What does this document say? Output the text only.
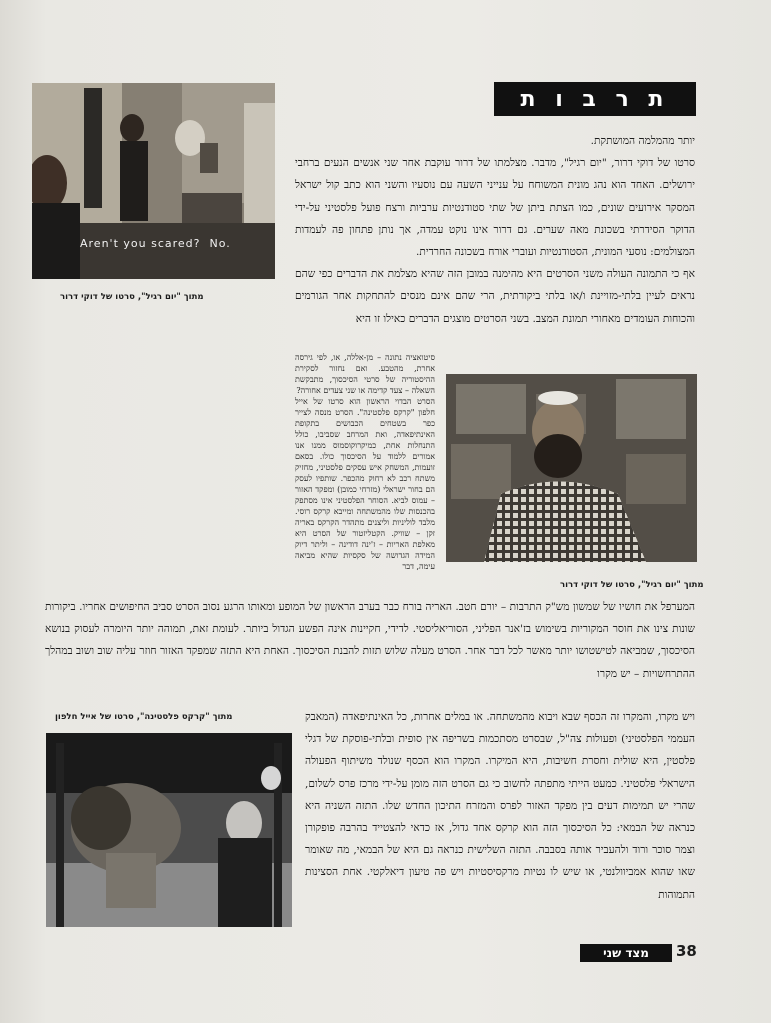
ת ר ב ו ת
Aren't you scared?  No.
מתוך "יום רגיל", סרטו של דוקי דרור
מתוך "יום רגיל", סרטו של דוקי דרור
מתוך "קרקס פלסטינה", סרטו של אייל חלפון

יותר מהמלמה המושתקת.

סרטו של דוקי דרור, "יום רגיל", מדבר. מצלמתו של דרור עוקבת אחר שני אנשים הנעים ברחבי ירושלים. האחד הוא נהג מונית המשוחח על ענייני השעה עם נוסעיו והשני הוא כתב קול ישראל המסקר אירועים שונים, כמו הצתת ביתן של שתי סטודנטיות ערביות ורצח פועל פלסטיני על-ידי הדוקר הסידרתי בשכונת מאה שערים. גם דרור אינו נוקט עמדה, אך נותן פתחון פה לעמדות המצולמים: נוסעי המונית, הסטודנטיות ועוברי אורח בשכונה החרדית.

אף כי התמונה העולה משני הסרטים היא מהימנה במובן הזה שהיא מצלמת את הדברים כפי שהם נראים לעיין בלתי-מזויינת ו/או בלתי ביקורתית, הרי שהם אינם מנסים להתחקות אחר הגורמים והכוחות העומדים מאחורי תמונת המצב. בשני הסרטים מוצגים הדברים כאילו זו היא

סיטואציה נתונה – מן-אללה, או, לפי גירסה אחרת, מהטבע. ואם נחזור לסקירת ההיסטוריה של סרטי הסיכסוך, מתבקשת השאלה – צעד קדימה או שני צעדים אחורה?

הסרט הבדוי הראשון הוא סרטו של אייל חלפון "קרקס פלסטינה". הסרט מנסה לצייר כפר בשטחים הכבושים בתקופת האינתיפאדה, ואת המרחב שסביבו, כולל התנחלות אחת, כמיקרוקוסמוס ממנו אנו אמורים ללמוד על הסיכסוך כולו. בסאם זועמות, המשחק איש עסקים פלסטיני, מחזיק משתח רכב לא רחוק מהכפר. שותפיו לעסק הם בחור ישראלי (מזרחי כמובן) ומפקד האזור – עמוס לביא. הסוחר הפלסטיני אינו מסתפק בהכנסות שלו מהמשתחה ומייבא קרקס רוסי. מלבד לוליניות וליצנים מתהדר הקרקס באריה זקן – שוויק. הקטליזטור של הסרט היא מאלפת האריות – ז'ינה דודינה – וליתר דיוק המידה הגדושה של סקסיות שהיא מביאה עימה, דבר

המערפל את חושיו של שמשון מש"ק התרבות – יורם חטב. האריה בורח כבר בערב הראשון של המופע ומאותו הרגע נסוב הסרט סביב החיפושים אחריו. ביקורות שונות צינו את חוסר המקוריות בשימוש בז'אנר הפליני, הסוריאליסטי. לדידי, חקיינות אינה הפשע הגדול ביותר. לעומת זאת, תמוהה יותר היומרה לעסוק בנושא הסיכסוך, שמביאה לטישטושו יותר מאשר לכל דבר אחר. הסרט מעלה שלוש תזות להבנת הסיכסוך. האחת היא התזה שמפקד האזור חוזר עליה שוב ושוב במהלך ההתרחשויות – יש מקרו

ויש מקרו, והמקרו זה הכסף שבא ויבוא מהמשתחה. או במלים אחרות, כל האינתיפאדה (המאבק העממי הפלסטיני) ופעולות צה"ל, שבסרט מסתכמות בשריפה אין סופית ובלתי-פוסקת של דגלי פלסטין, היא שולית וחסרת חשיבות, היא המיקרו. המקרו הוא הכסף שנולד משיתוף הפעולה הישראלי פלסטיני. כמעט הייתי מתפתה לחשוב כי גם הסרט הזה מומן על-ידי מרכז פרס לשלום, שהרי יש תמימות דעים בין מפקד האזור לפרס והמזרח התיכון החדש שלו. התזה השניה היא כנראה של הבמאי: כל הסיכסוך הזה הוא קרקס אחד גדול, אז כדאי להצטייד בהרבה פופקורן וצמר סוכר ורוד ולהעביר אותה בסבבה. התזה השלישית כנראה גם היא של הבמאי, מה שאומר שאו שהוא אמביוולנטי, או שיש לו נטיות מרקסיסטיות ויש פה טיעון דיאלקטי. אחת הסצינות התמוהות

מצד שני	38
